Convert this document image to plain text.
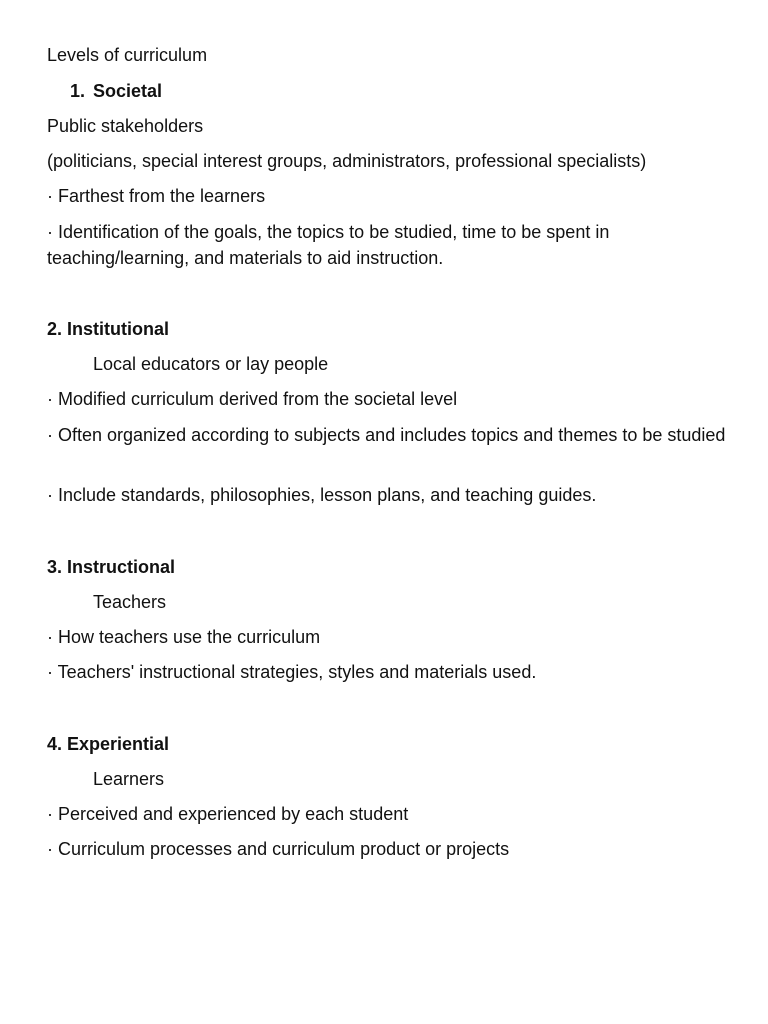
Levels of curriculum
1. Societal
Public stakeholders
(politicians, special interest groups, administrators, professional specialists)
· Farthest from the learners
· Identification of the goals, the topics to be studied, time to be spent in teaching/learning, and materials to aid instruction.
2. Institutional
Local educators or lay people
· Modified curriculum derived from the societal level
· Often organized according to subjects and includes topics and themes to be studied
· Include standards, philosophies, lesson plans, and teaching guides.
3. Instructional
Teachers
· How teachers use the curriculum
· Teachers' instructional strategies, styles and materials used.
4. Experiential
Learners
· Perceived and experienced by each student
· Curriculum processes and curriculum product or projects
